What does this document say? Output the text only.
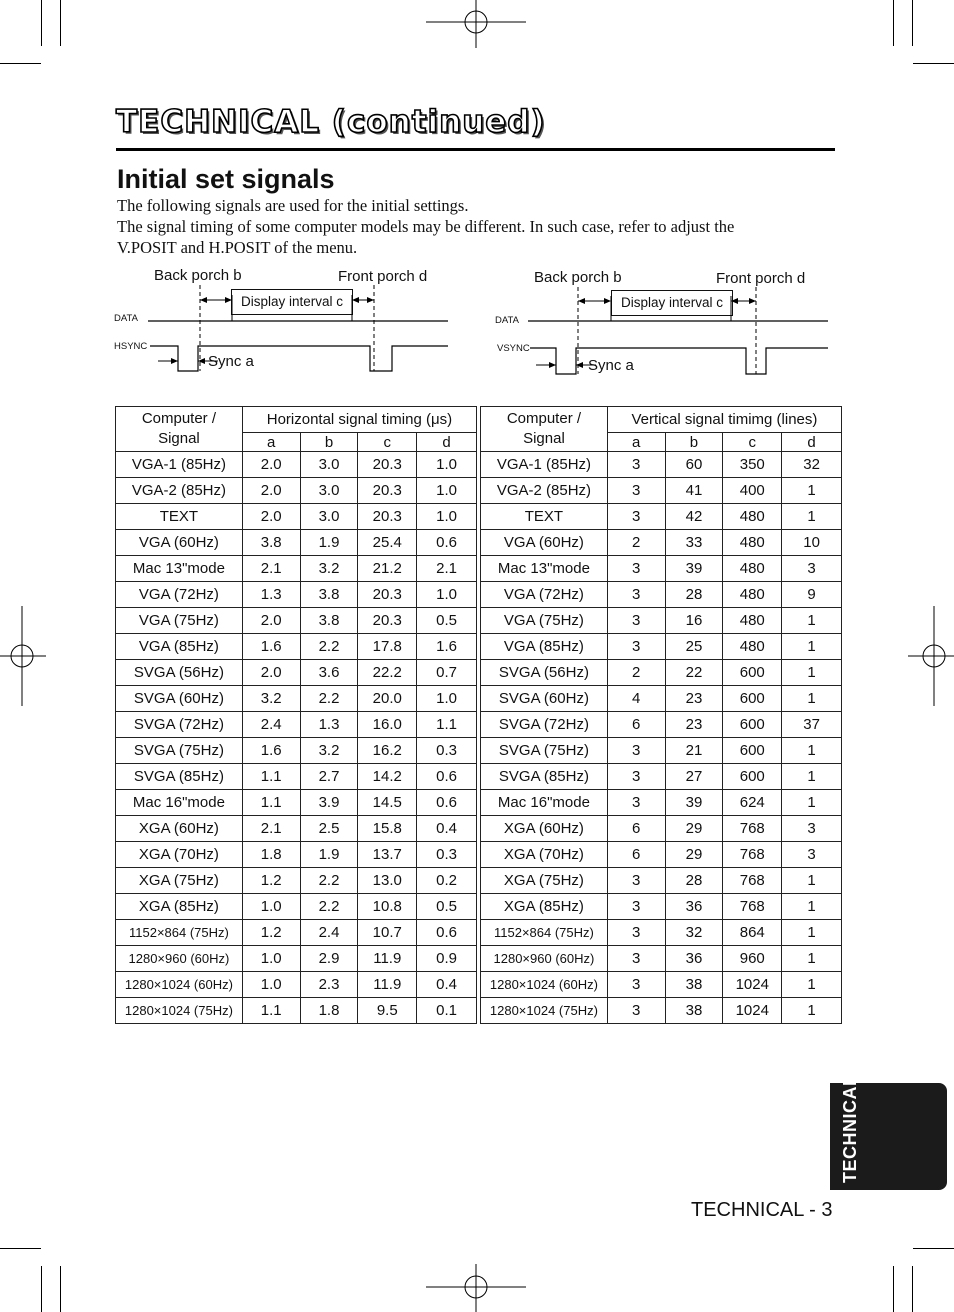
TECHNICAL (continued)
Initial set signals
The following signals are used for the initial settings.
The signal timing of some computer models may be different. In such case, refer to adjust the
V.POSIT and H.POSIT of the menu.
Back porch b	Front porch d
Display interval c
DATA
HSYNC
Sync a
Back porch b	Front porch d
Display interval c
DATA
VSYNC
Sync a
Computer / Signal	Horizontal signal timing (μs)			
	a	b	c	d
VGA-1 (85Hz)	2.0	3.0	20.3	1.0
VGA-2 (85Hz)	2.0	3.0	20.3	1.0
TEXT	2.0	3.0	20.3	1.0
VGA (60Hz)	3.8	1.9	25.4	0.6
Mac 13"mode	2.1	3.2	21.2	2.1
VGA (72Hz)	1.3	3.8	20.3	1.0
VGA (75Hz)	2.0	3.8	20.3	0.5
VGA (85Hz)	1.6	2.2	17.8	1.6
SVGA (56Hz)	2.0	3.6	22.2	0.7
SVGA (60Hz)	3.2	2.2	20.0	1.0
SVGA (72Hz)	2.4	1.3	16.0	1.1
SVGA (75Hz)	1.6	3.2	16.2	0.3
SVGA (85Hz)	1.1	2.7	14.2	0.6
Mac 16"mode	1.1	3.9	14.5	0.6
XGA (60Hz)	2.1	2.5	15.8	0.4
XGA (70Hz)	1.8	1.9	13.7	0.3
XGA (75Hz)	1.2	2.2	13.0	0.2
XGA (85Hz)	1.0	2.2	10.8	0.5
1152×864 (75Hz)	1.2	2.4	10.7	0.6
1280×960 (60Hz)	1.0	2.9	11.9	0.9
1280×1024 (60Hz)	1.0	2.3	11.9	0.4
1280×1024 (75Hz)	1.1	1.8	9.5	0.1
Computer / Signal	Vertical signal timimg (lines)			
	a	b	c	d
VGA-1 (85Hz)	3	60	350	32
VGA-2 (85Hz)	3	41	400	1
TEXT	3	42	480	1
VGA (60Hz)	2	33	480	10
Mac 13"mode	3	39	480	3
VGA (72Hz)	3	28	480	9
VGA (75Hz)	3	16	480	1
VGA (85Hz)	3	25	480	1
SVGA (56Hz)	2	22	600	1
SVGA (60Hz)	4	23	600	1
SVGA (72Hz)	6	23	600	37
SVGA (75Hz)	3	21	600	1
SVGA (85Hz)	3	27	600	1
Mac 16"mode	3	39	624	1
XGA (60Hz)	6	29	768	3
XGA (70Hz)	6	29	768	3
XGA (75Hz)	3	28	768	1
XGA (85Hz)	3	36	768	1
1152×864 (75Hz)	3	32	864	1
1280×960 (60Hz)	3	36	960	1
1280×1024 (60Hz)	3	38	1024	1
1280×1024 (75Hz)	3	38	1024	1
TECHNICAL
TECHNICAL - 3
